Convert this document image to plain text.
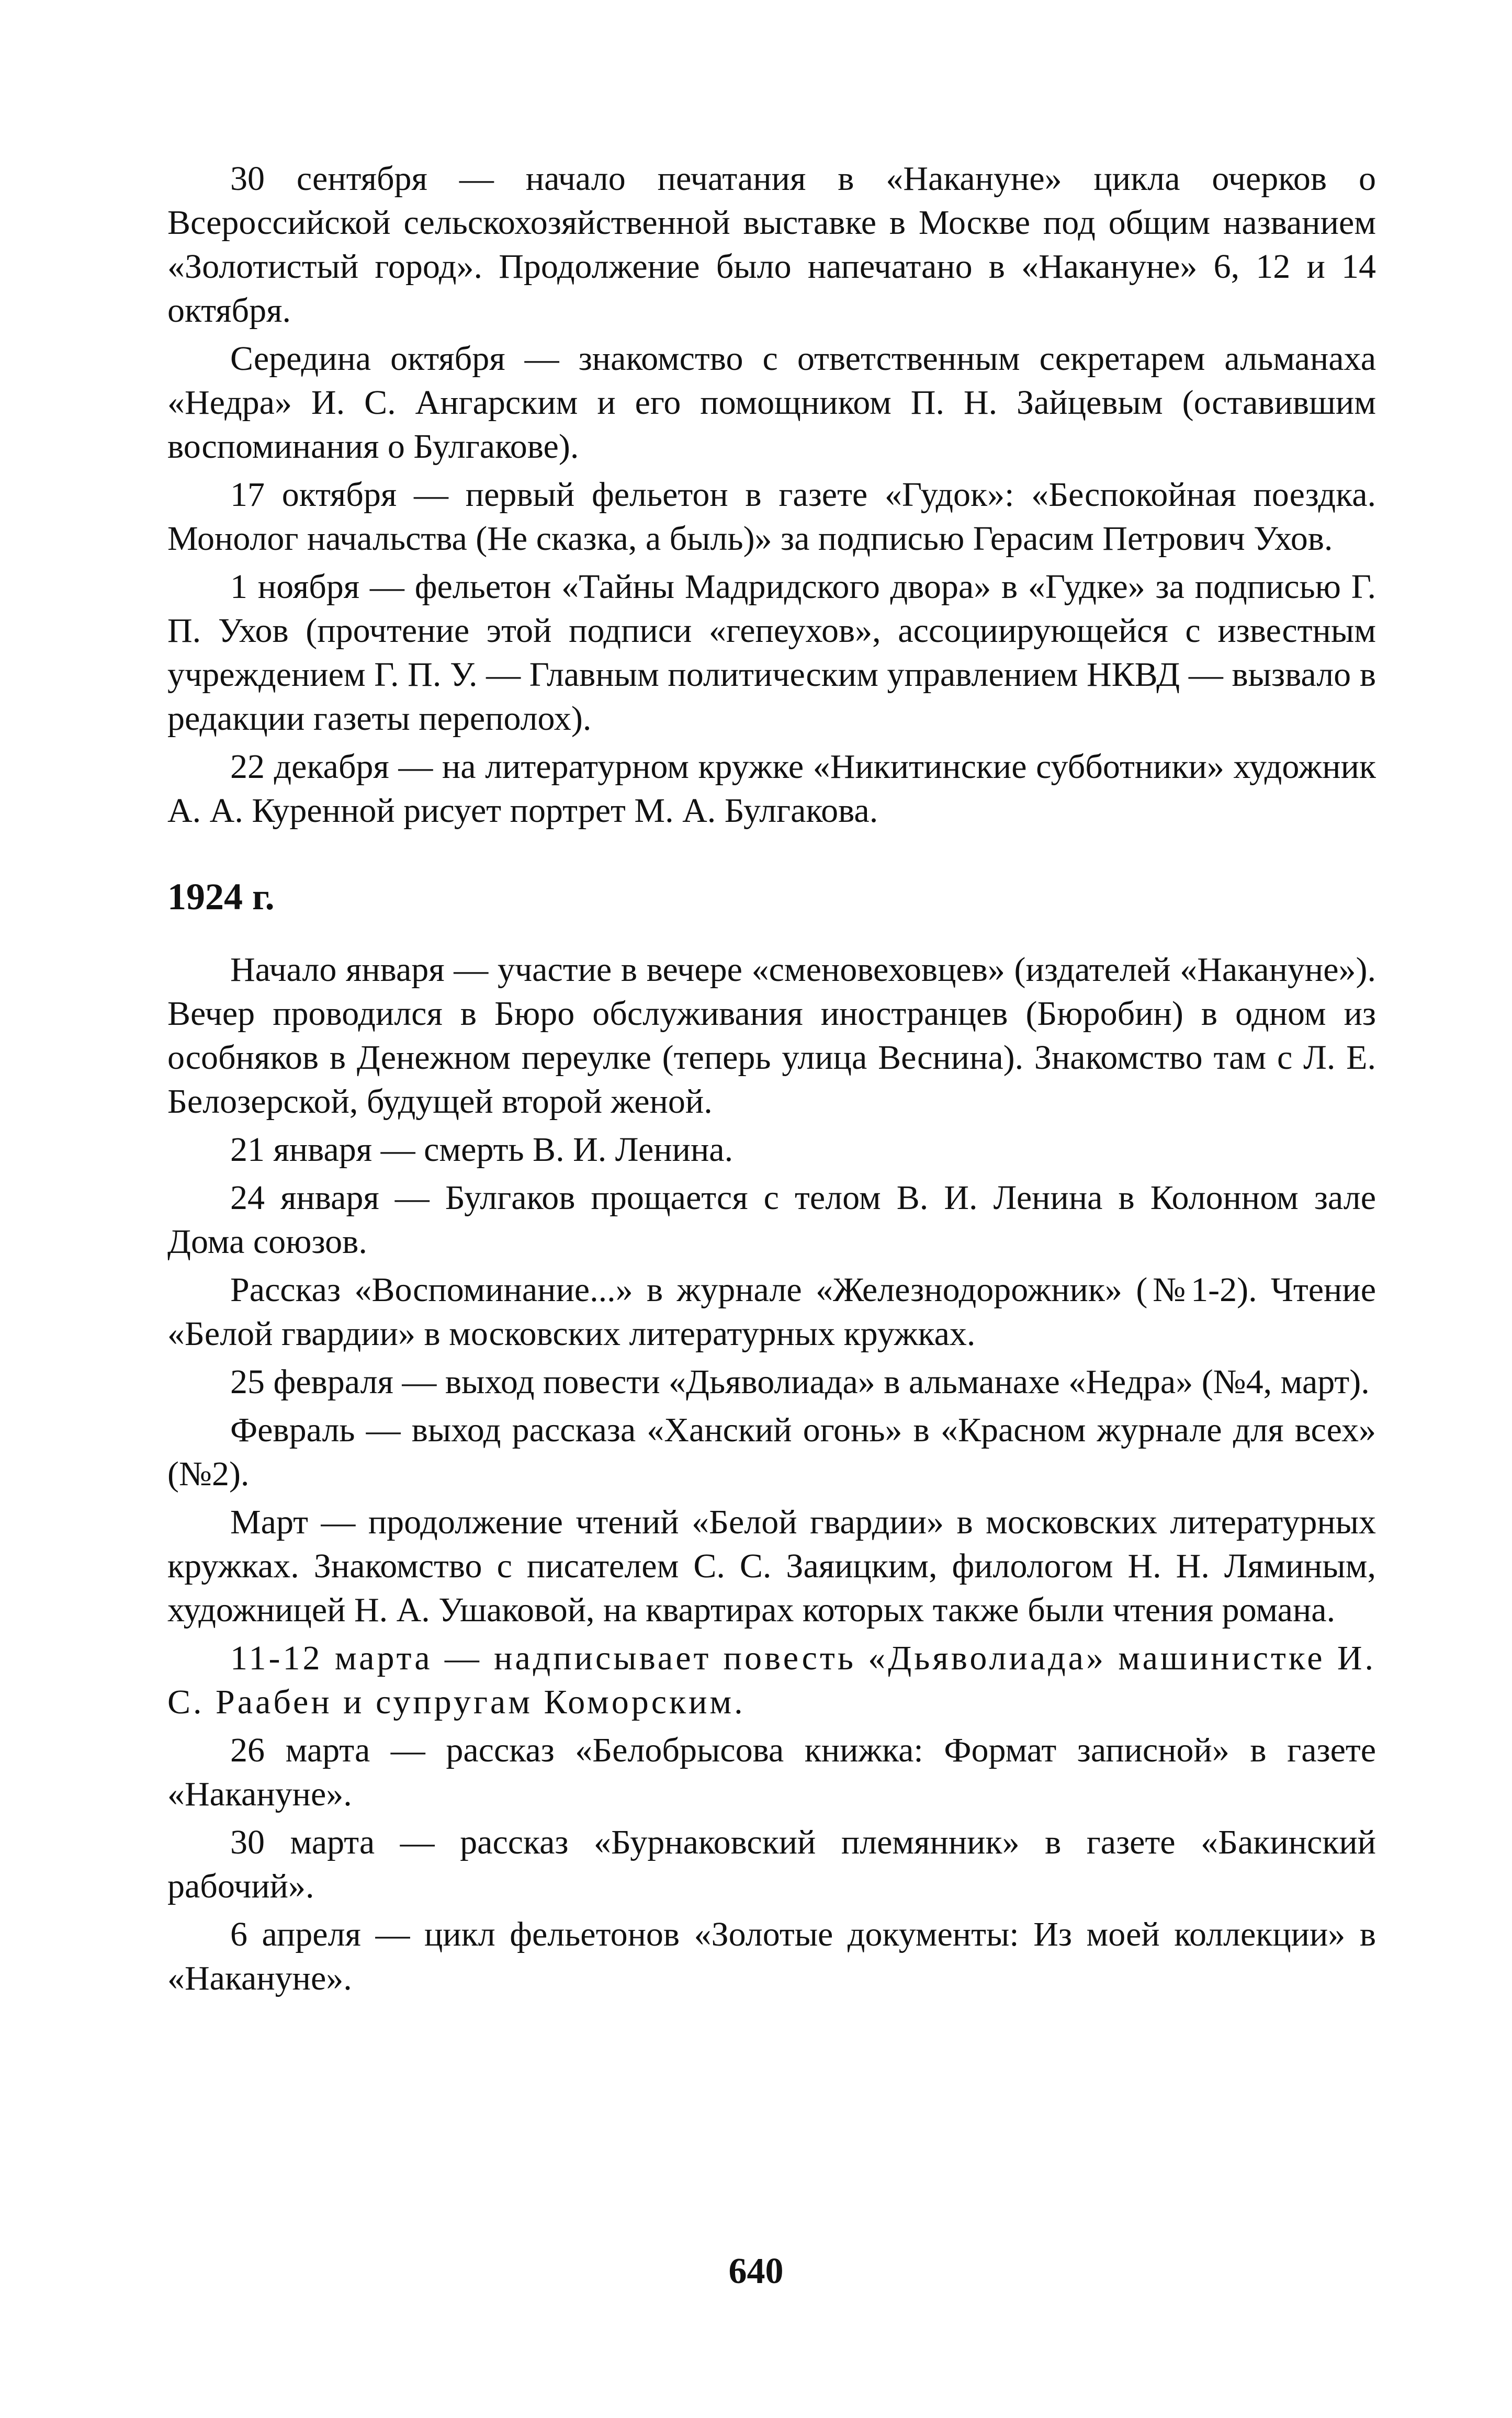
30 сентября — начало печатания в «Накануне» цикла очерков о Всероссийской сельскохозяйственной выставке в Москве под общим названием «Золотистый город». Продолжение было напечатано в «Накануне» 6, 12 и 14 октября.

Середина октября — знакомство с ответственным секретарем альманаха «Недра» И. С. Ангарским и его помощником П. Н. Зайцевым (оставившим воспоминания о Булгакове).

17 октября — первый фельетон в газете «Гудок»: «Беспокойная поездка. Монолог начальства (Не сказка, а быль)» за подписью Герасим Петрович Ухов.

1 ноября — фельетон «Тайны Мадридского двора» в «Гудке» за подписью Г. П. Ухов (прочтение этой подписи «гепеухов», ассоциирующейся с известным учреждением Г. П. У. — Главным политическим управлением НКВД — вызвало в редакции газеты переполох).

22 декабря — на литературном кружке «Никитинские субботники» художник А. А. Куренной рисует портрет М. А. Булгакова.

1924 г.

Начало января — участие в вечере «сменовеховцев» (издателей «Накануне»). Вечер проводился в Бюро обслуживания иностранцев (Бюробин) в одном из особняков в Денежном переулке (теперь улица Веснина). Знакомство там с Л. Е. Белозерской, будущей второй женой.

21 января — смерть В. И. Ленина.

24 января — Булгаков прощается с телом В. И. Ленина в Колонном зале Дома союзов.

Рассказ «Воспоминание...» в журнале «Железнодорожник» (№1-2). Чтение «Белой гвардии» в московских литературных кружках.

25 февраля — выход повести «Дьяволиада» в альманахе «Недра» (№4, март).

Февраль — выход рассказа «Ханский огонь» в «Красном журнале для всех» (№2).

Март — продолжение чтений «Белой гвардии» в московских литературных кружках. Знакомство с писателем С. С. Заяицким, филологом Н. Н. Ляминым, художницей Н. А. Ушаковой, на квартирах которых также были чтения романа.

11-12 марта — надписывает повесть «Дьяволиада» машинистке И. С. Раабен и супругам Коморским.

26 марта — рассказ «Белобрысова книжка: Формат записной» в газете «Накануне».

30 марта — рассказ «Бурнаковский племянник» в газете «Бакинский рабочий».

6 апреля — цикл фельетонов «Золотые документы: Из моей коллекции» в «Накануне».

640
